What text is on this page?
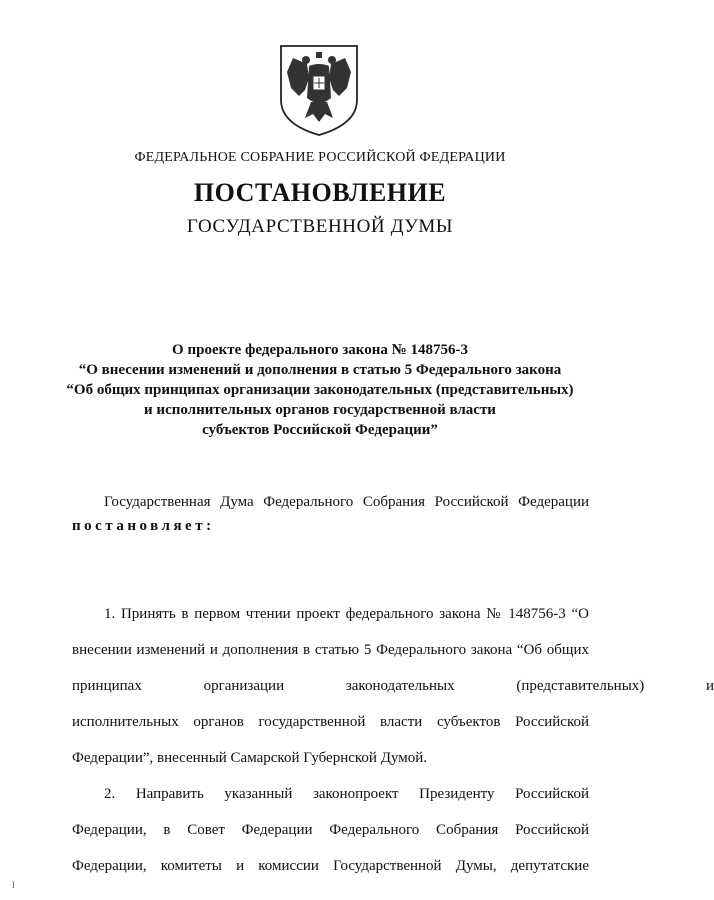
ФЕДЕРАЛЬНОЕ СОБРАНИЕ РОССИЙСКОЙ ФЕДЕРАЦИИ
ПОСТАНОВЛЕНИЕ
ГОСУДАРСТВЕННОЙ ДУМЫ
О проекте федерального закона № 148756-3
“О внесении изменений и дополнения в статью 5 Федерального закона
“Об общих принципах организации законодательных (представительных)
и исполнительных органов государственной власти
субъектов Российской Федерации”
Государственная Дума Федерального Собрания Российской Федерации
постановляет:
1. Принять в первом чтении проект федерального закона № 148756-3 “О
внесении изменений и дополнения в статью 5 Федерального закона “Об общих
принципах организации законодательных (представительных) и
исполнительных органов государственной власти субъектов Российской
Федерации”, внесенный Самарской Губернской Думой.
2. Направить указанный законопроект Президенту Российской
Федерации, в Совет Федерации Федерального Собрания Российской
Федерации, комитеты и комиссии Государственной Думы, депутатские
I
